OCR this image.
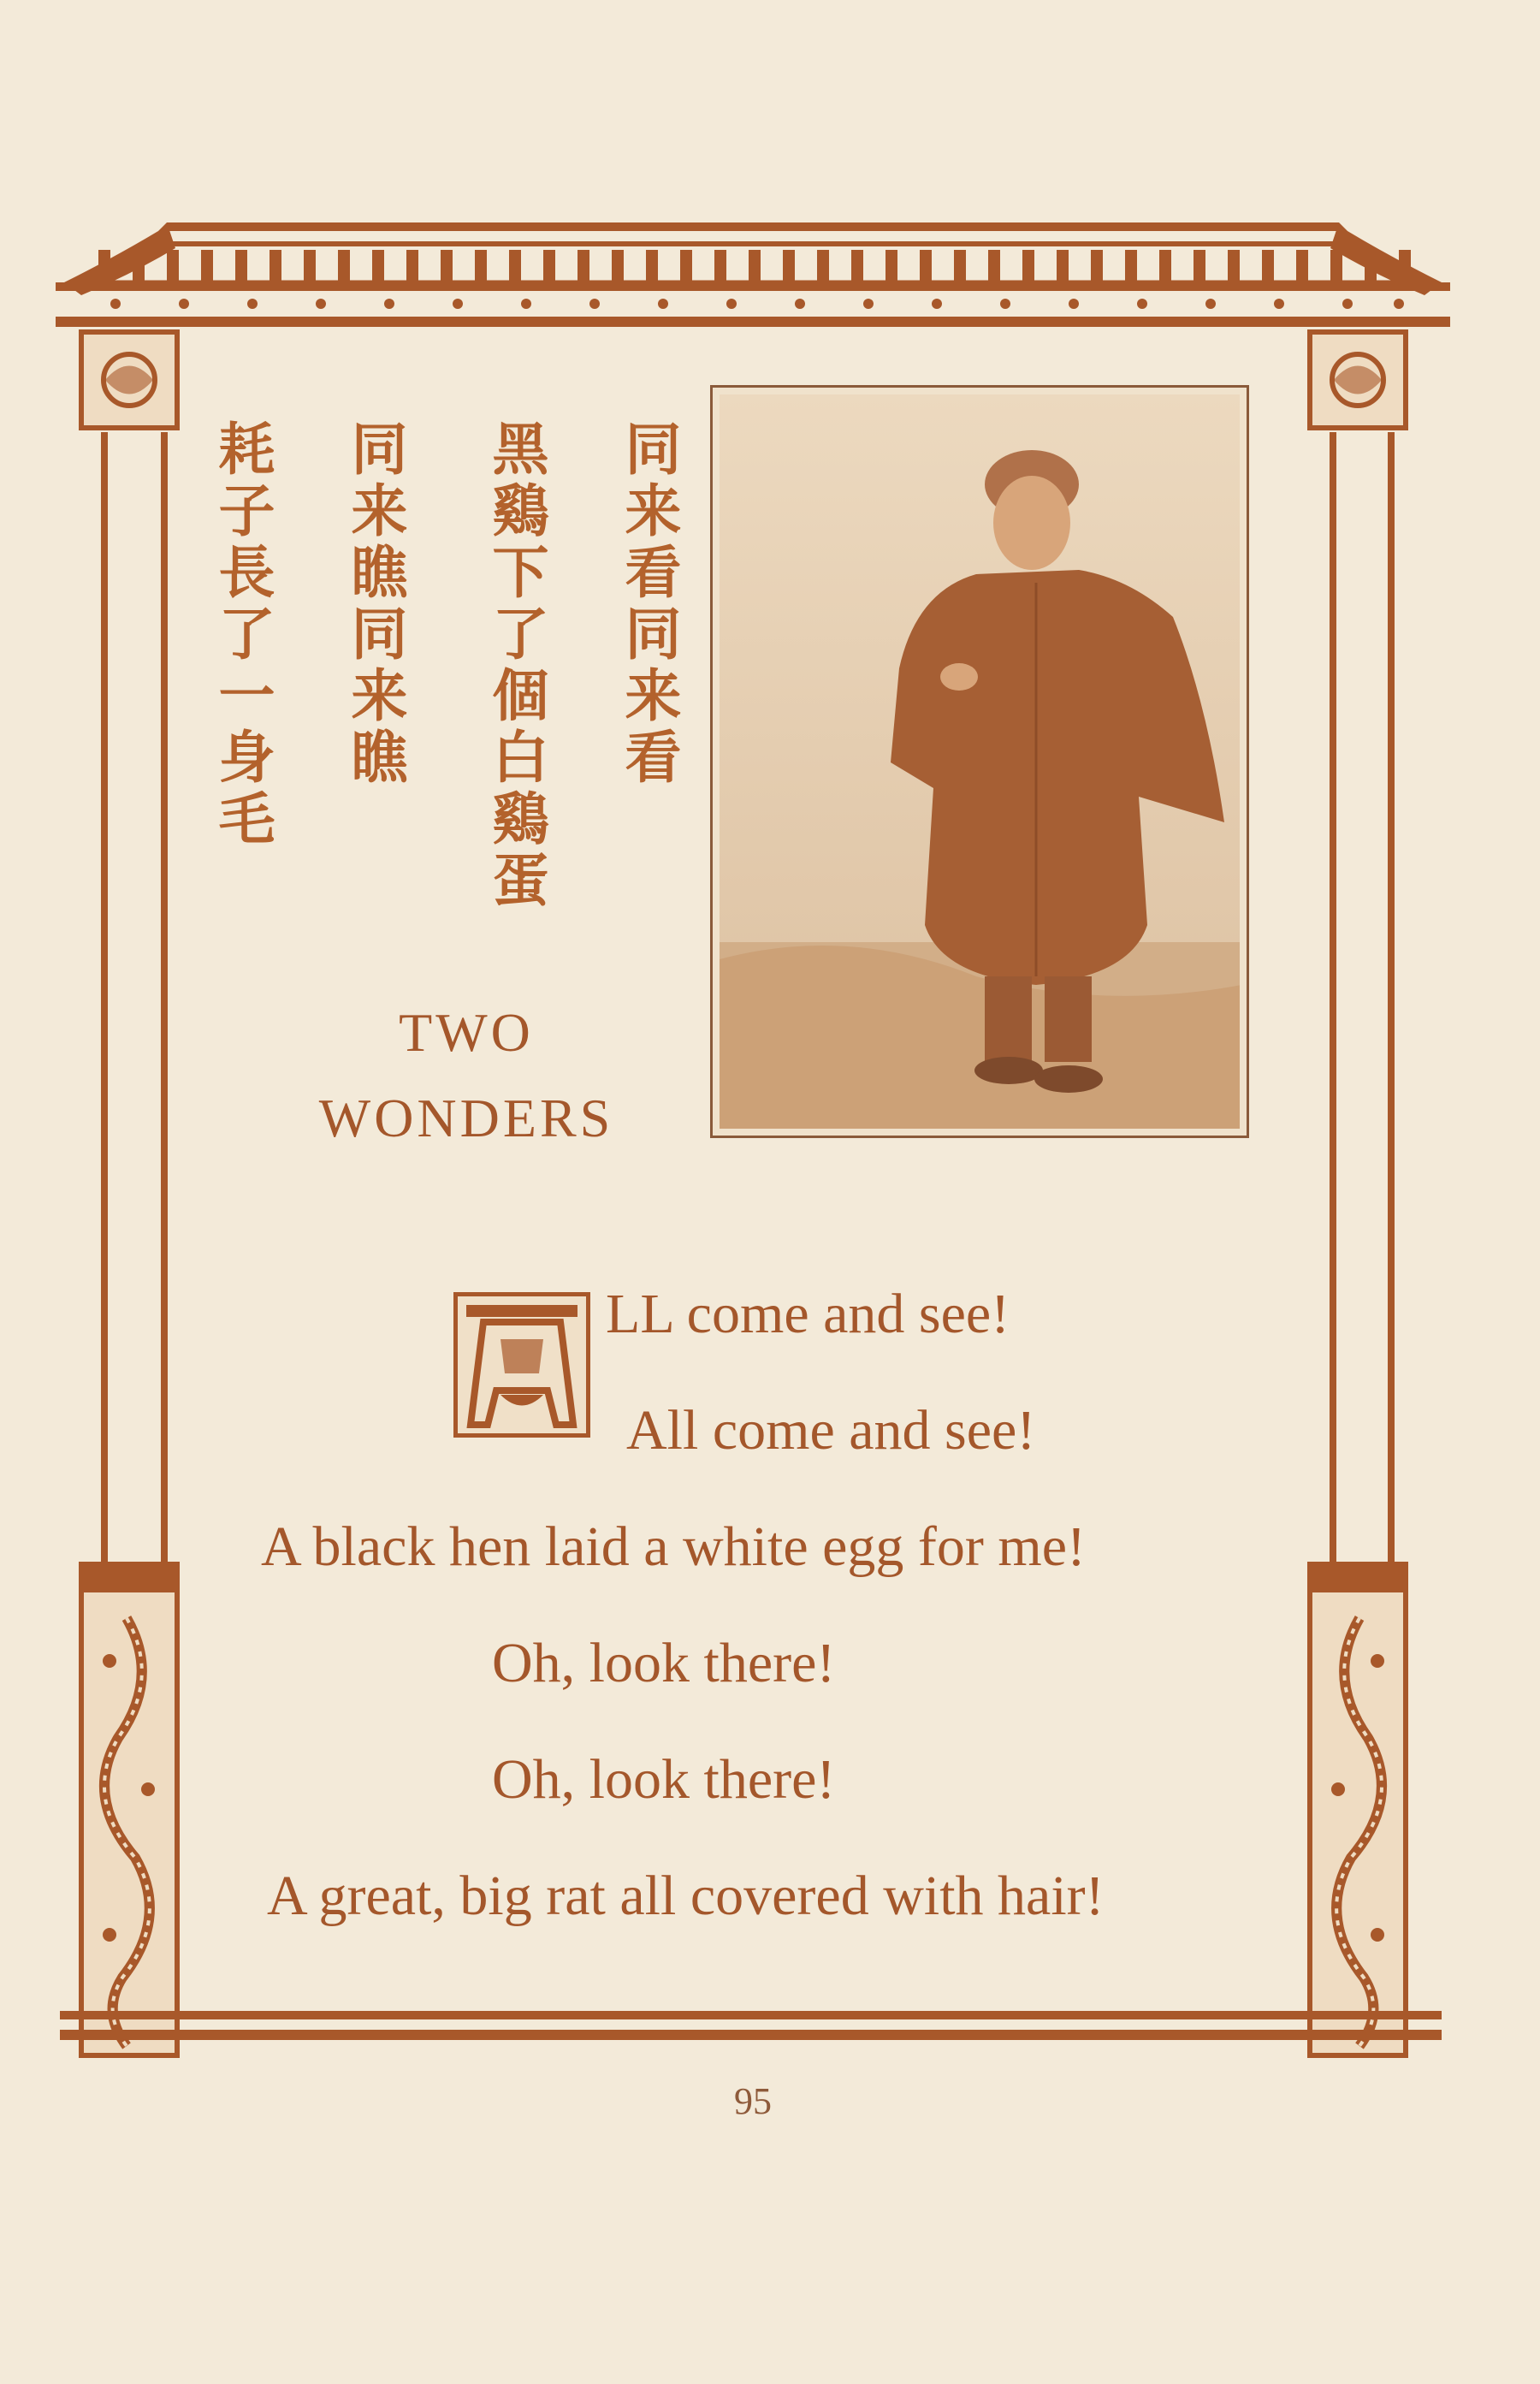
同来看同来看
黑鷄下了個白鷄蛋
同来瞧同来瞧
耗子長了一身毛
TWO
WONDERS
LL come and see!
All come and see!
A black hen laid a white egg for me!
Oh, look there!
Oh, look there!
A great, big rat all covered with hair!
95
